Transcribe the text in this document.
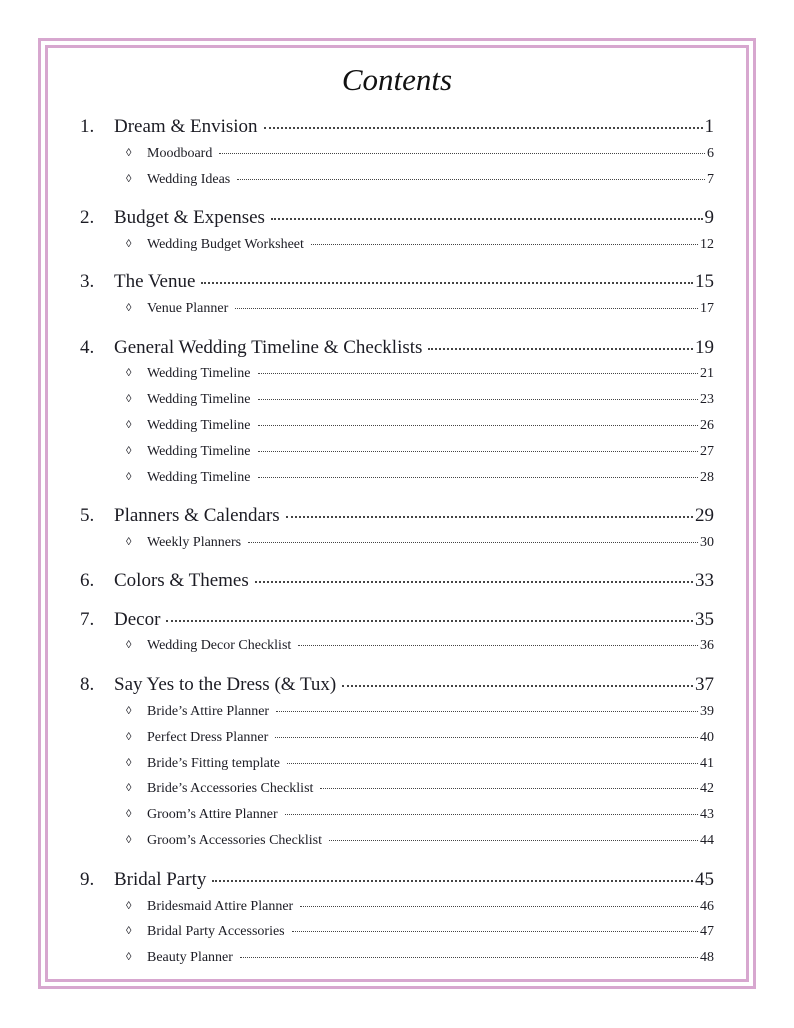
Contents
1.	Dream & Envision	1
◊	Moodboard	6
◊	Wedding Ideas	7
2.	Budget & Expenses	9
◊	Wedding Budget Worksheet	12
3.	The Venue	15
◊	Venue Planner	17
4.	General Wedding Timeline & Checklists	19
◊	Wedding Timeline	21
◊	Wedding Timeline	23
◊	Wedding Timeline	26
◊	Wedding Timeline	27
◊	Wedding Timeline	28
5.	Planners & Calendars	29
◊	Weekly Planners	30
6.	Colors & Themes	33
7.	Decor	35
◊	Wedding Decor Checklist	36
8.	Say Yes to the Dress (& Tux)	37
◊	Bride’s Attire Planner	39
◊	Perfect Dress Planner	40
◊	Bride’s Fitting template	41
◊	Bride’s Accessories Checklist	42
◊	Groom’s Attire Planner	43
◊	Groom’s Accessories Checklist	44
9.	Bridal Party	45
◊	Bridesmaid Attire Planner	46
◊	Bridal Party Accessories	47
◊	Beauty Planner	48
